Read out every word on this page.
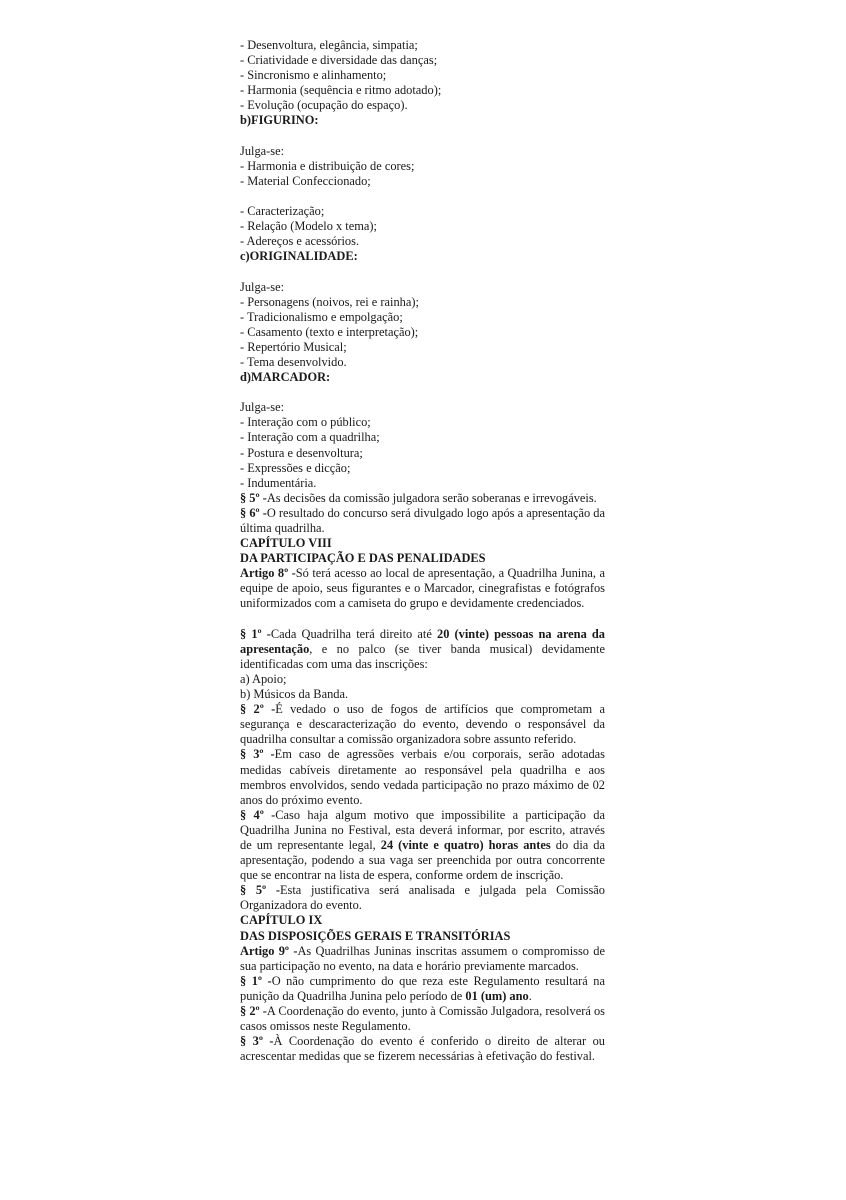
- Desenvoltura, elegância, simpatia;
- Criatividade e diversidade das danças;
- Sincronismo e alinhamento;
- Harmonia (sequência e ritmo adotado);
- Evolução (ocupação do espaço).
b)FIGURINO:
Julga-se:
- Harmonia e distribuição de cores;
- Material Confeccionado;
- Caracterização;
- Relação (Modelo x tema);
- Adereços e acessórios.
c)ORIGINALIDADE:
Julga-se:
- Personagens (noivos, rei e rainha);
- Tradicionalismo e empolgação;
- Casamento (texto e interpretação);
- Repertório Musical;
- Tema desenvolvido.
d)MARCADOR:
Julga-se:
- Interação com o público;
- Interação com a quadrilha;
- Postura e desenvoltura;
- Expressões e dicção;
- Indumentária.
§ 5º -As decisões da comissão julgadora serão soberanas e irrevogáveis.
§ 6º -O resultado do concurso será divulgado logo após a apresentação da última quadrilha.
CAPÍTULO VIII
DA PARTICIPAÇÃO E DAS PENALIDADES
Artigo 8º -Só terá acesso ao local de apresentação, a Quadrilha Junina, a equipe de apoio, seus figurantes e o Marcador, cinegrafistas e fotógrafos uniformizados com a camiseta do grupo e devidamente credenciados.
§ 1º -Cada Quadrilha terá direito até 20 (vinte) pessoas na arena da apresentação, e no palco (se tiver banda musical) devidamente identificadas com uma das inscrições:
a) Apoio;
b) Músicos da Banda.
§ 2º -É vedado o uso de fogos de artifícios que comprometam a segurança e descaracterização do evento, devendo o responsável da quadrilha consultar a comissão organizadora sobre assunto referido.
§ 3º -Em caso de agressões verbais e/ou corporais, serão adotadas medidas cabíveis diretamente ao responsável pela quadrilha e aos membros envolvidos, sendo vedada participação no prazo máximo de 02 anos do próximo evento.
§ 4º -Caso haja algum motivo que impossibilite a participação da Quadrilha Junina no Festival, esta deverá informar, por escrito, através de um representante legal, 24 (vinte e quatro) horas antes do dia da apresentação, podendo a sua vaga ser preenchida por outra concorrente que se encontrar na lista de espera, conforme ordem de inscrição.
§ 5º -Esta justificativa será analisada e julgada pela Comissão Organizadora do evento.
CAPÍTULO IX
DAS DISPOSIÇÕES GERAIS E TRANSITÓRIAS
Artigo 9º -As Quadrilhas Juninas inscritas assumem o compromisso de sua participação no evento, na data e horário previamente marcados.
§ 1º -O não cumprimento do que reza este Regulamento resultará na punição da Quadrilha Junina pelo período de 01 (um) ano.
§ 2º -A Coordenação do evento, junto à Comissão Julgadora, resolverá os casos omissos neste Regulamento.
§ 3º -À Coordenação do evento é conferido o direito de alterar ou acrescentar medidas que se fizerem necessárias à efetivação do festival.
